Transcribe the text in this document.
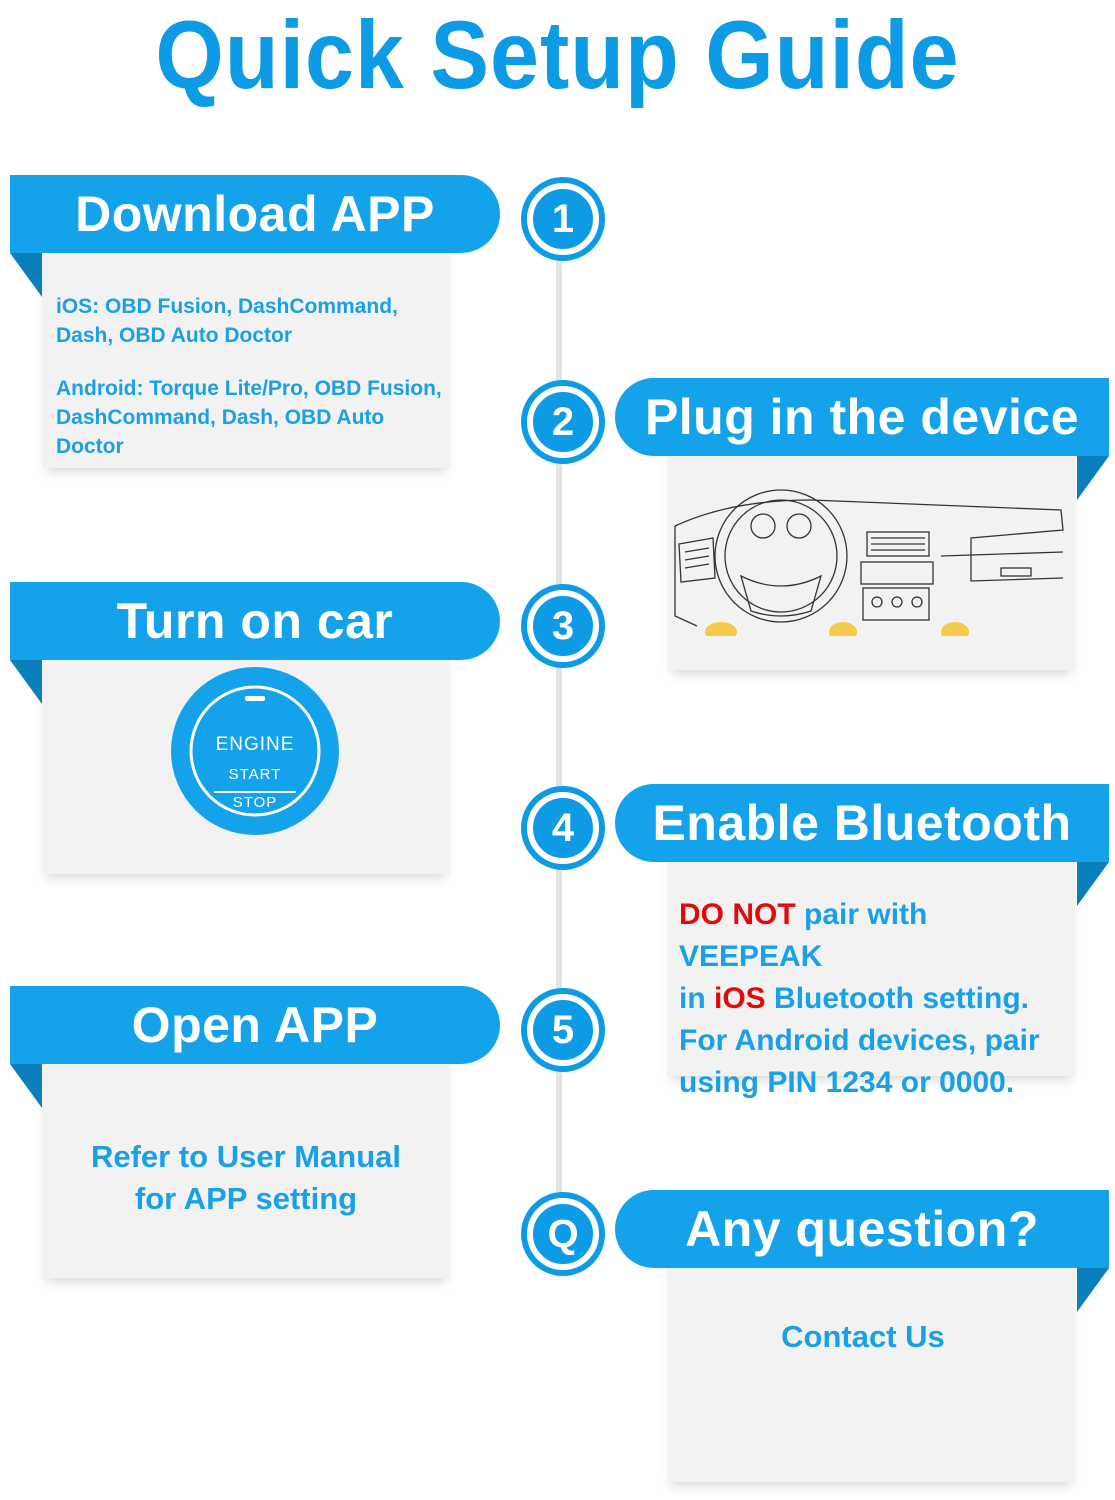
Quick Setup Guide
iOS: OBD Fusion, DashCommand, Dash, OBD Auto Doctor
Android: Torque Lite/Pro, OBD Fusion, DashCommand, Dash, OBD Auto Doctor
Download APP	1
Plug in the device
2
ENGINE
START
STOP
Turn on car	3
DO NOT pair with VEEPEAK
in iOS Bluetooth setting.
For Android devices, pair using PIN 1234 or 0000.
Enable Bluetooth
4
Refer to User Manual for APP setting
Open APP	5
Contact Us
Any question?
Q
